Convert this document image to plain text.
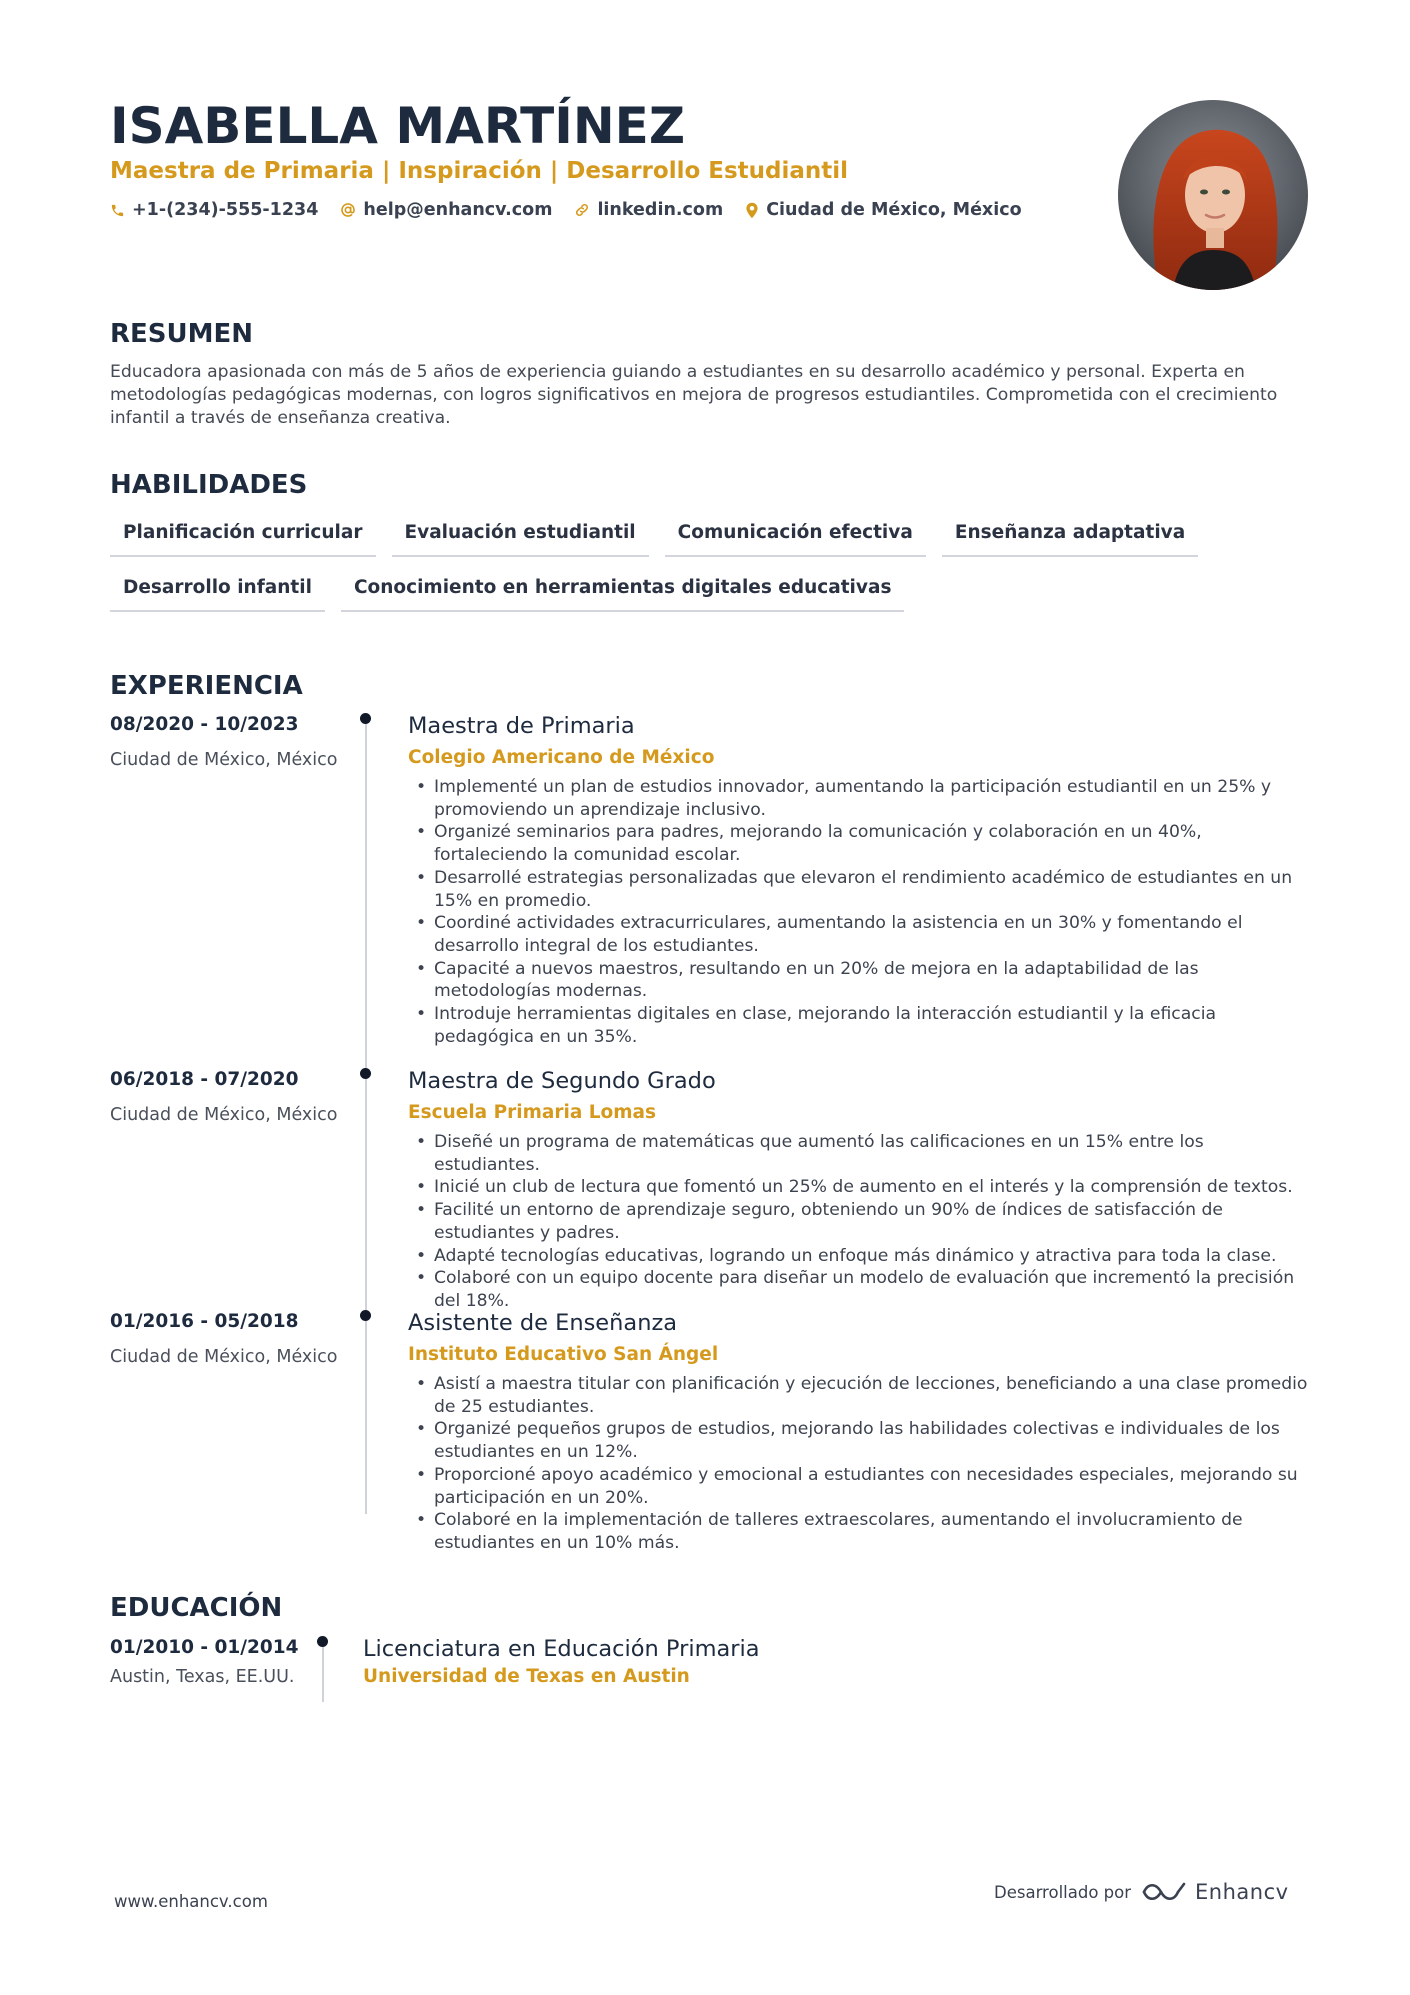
ISABELLA MARTÍNEZ
Maestra de Primaria | Inspiración | Desarrollo Estudiantil
+1-(234)-555-1234	help@enhancv.com	linkedin.com Ciudad de México, México
RESUMEN
Educadora apasionada con más de 5 años de experiencia guiando a estudiantes en su desarrollo académico y personal. Experta en metodologías pedagógicas modernas, con logros significativos en mejora de progresos estudiantiles. Comprometida con el crecimiento infantil a través de enseñanza creativa.
HABILIDADES
Planificación curricular	Evaluación estudiantil	Comunicación efectiva	Enseñanza adaptativa
Desarrollo infantil	Conocimiento en herramientas digitales educativas
EXPERIENCIA
08/2020 - 10/2023
Ciudad de México, México
Maestra de Primaria
Colegio Americano de México
• Implementé un plan de estudios innovador, aumentando la participación estudiantil en un 25% y promoviendo un aprendizaje inclusivo.
• Organizé seminarios para padres, mejorando la comunicación y colaboración en un 40%, fortaleciendo la comunidad escolar.
• Desarrollé estrategias personalizadas que elevaron el rendimiento académico de estudiantes en un 15% en promedio.
• Coordiné actividades extracurriculares, aumentando la asistencia en un 30% y fomentando el desarrollo integral de los estudiantes.
• Capacité a nuevos maestros, resultando en un 20% de mejora en la adaptabilidad de las metodologías modernas.
• Introduje herramientas digitales en clase, mejorando la interacción estudiantil y la eficacia pedagógica en un 35%.
06/2018 - 07/2020
Ciudad de México, México
Maestra de Segundo Grado
Escuela Primaria Lomas
• Diseñé un programa de matemáticas que aumentó las calificaciones en un 15% entre los estudiantes.
• Inicié un club de lectura que fomentó un 25% de aumento en el interés y la comprensión de textos.
• Facilité un entorno de aprendizaje seguro, obteniendo un 90% de índices de satisfacción de estudiantes y padres.
• Adapté tecnologías educativas, logrando un enfoque más dinámico y atractiva para toda la clase.
• Colaboré con un equipo docente para diseñar un modelo de evaluación que incrementó la precisión del 18%.
01/2016 - 05/2018
Ciudad de México, México
Asistente de Enseñanza
Instituto Educativo San Ángel
• Asistí a maestra titular con planificación y ejecución de lecciones, beneficiando a una clase promedio de 25 estudiantes.
• Organizé pequeños grupos de estudios, mejorando las habilidades colectivas e individuales de los estudiantes en un 12%.
• Proporcioné apoyo académico y emocional a estudiantes con necesidades especiales, mejorando su participación en un 20%.
• Colaboré en la implementación de talleres extraescolares, aumentando el involucramiento de estudiantes en un 10% más.
EDUCACIÓN
01/2010 - 01/2014
Austin, Texas, EE.UU.
Licenciatura en Educación Primaria
Universidad de Texas en Austin
www.enhancv.com	Desarrollado por	Enhancv
